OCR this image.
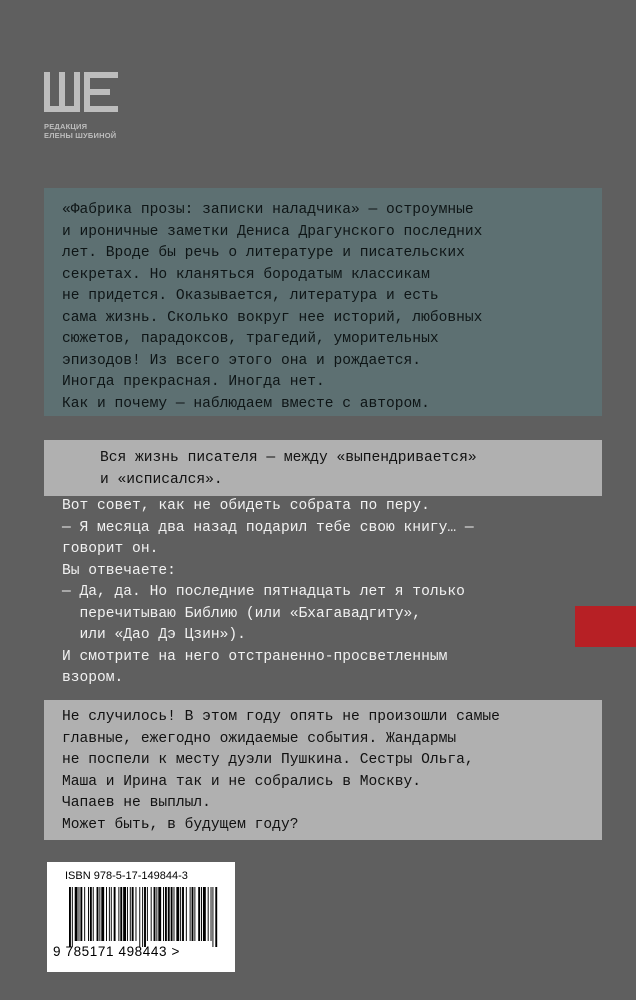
РЕДАКЦИЯ
ЕЛЕНЫ ШУБИНОЙ
«Фабрика прозы: записки наладчика» — остроумные
и ироничные заметки Дениса Драгунского последних
лет. Вроде бы речь о литературе и писательских
секретах. Но кланяться бородатым классикам
не придется. Оказывается, литература и есть
сама жизнь. Сколько вокруг нее историй, любовных
сюжетов, парадоксов, трагедий, уморительных
эпизодов! Из всего этого она и рождается.
Иногда прекрасная. Иногда нет.
Как и почему — наблюдаем вместе с автором.
Вся жизнь писателя — между «выпендривается»
и «исписался».
Вот совет, как не обидеть собрата по перу.
— Я месяца два назад подарил тебе свою книгу… —
говорит он.
Вы отвечаете:
— Да, да. Но последние пятнадцать лет я только
перечитываю Библию (или «Бхагавадгиту»,
или «Дао Дэ Цзин»).
И смотрите на него отстраненно-просветленным
взором.
Не случилось! В этом году опять не произошли самые
главные, ежегодно ожидаемые события. Жандармы
не поспели к месту дуэли Пушкина. Сестры Ольга,
Маша и Ирина так и не собрались в Москву.
Чапаев не выплыл.
Может быть, в будущем году?
ISBN 978-5-17-149844-3
9 785171 498443 >
